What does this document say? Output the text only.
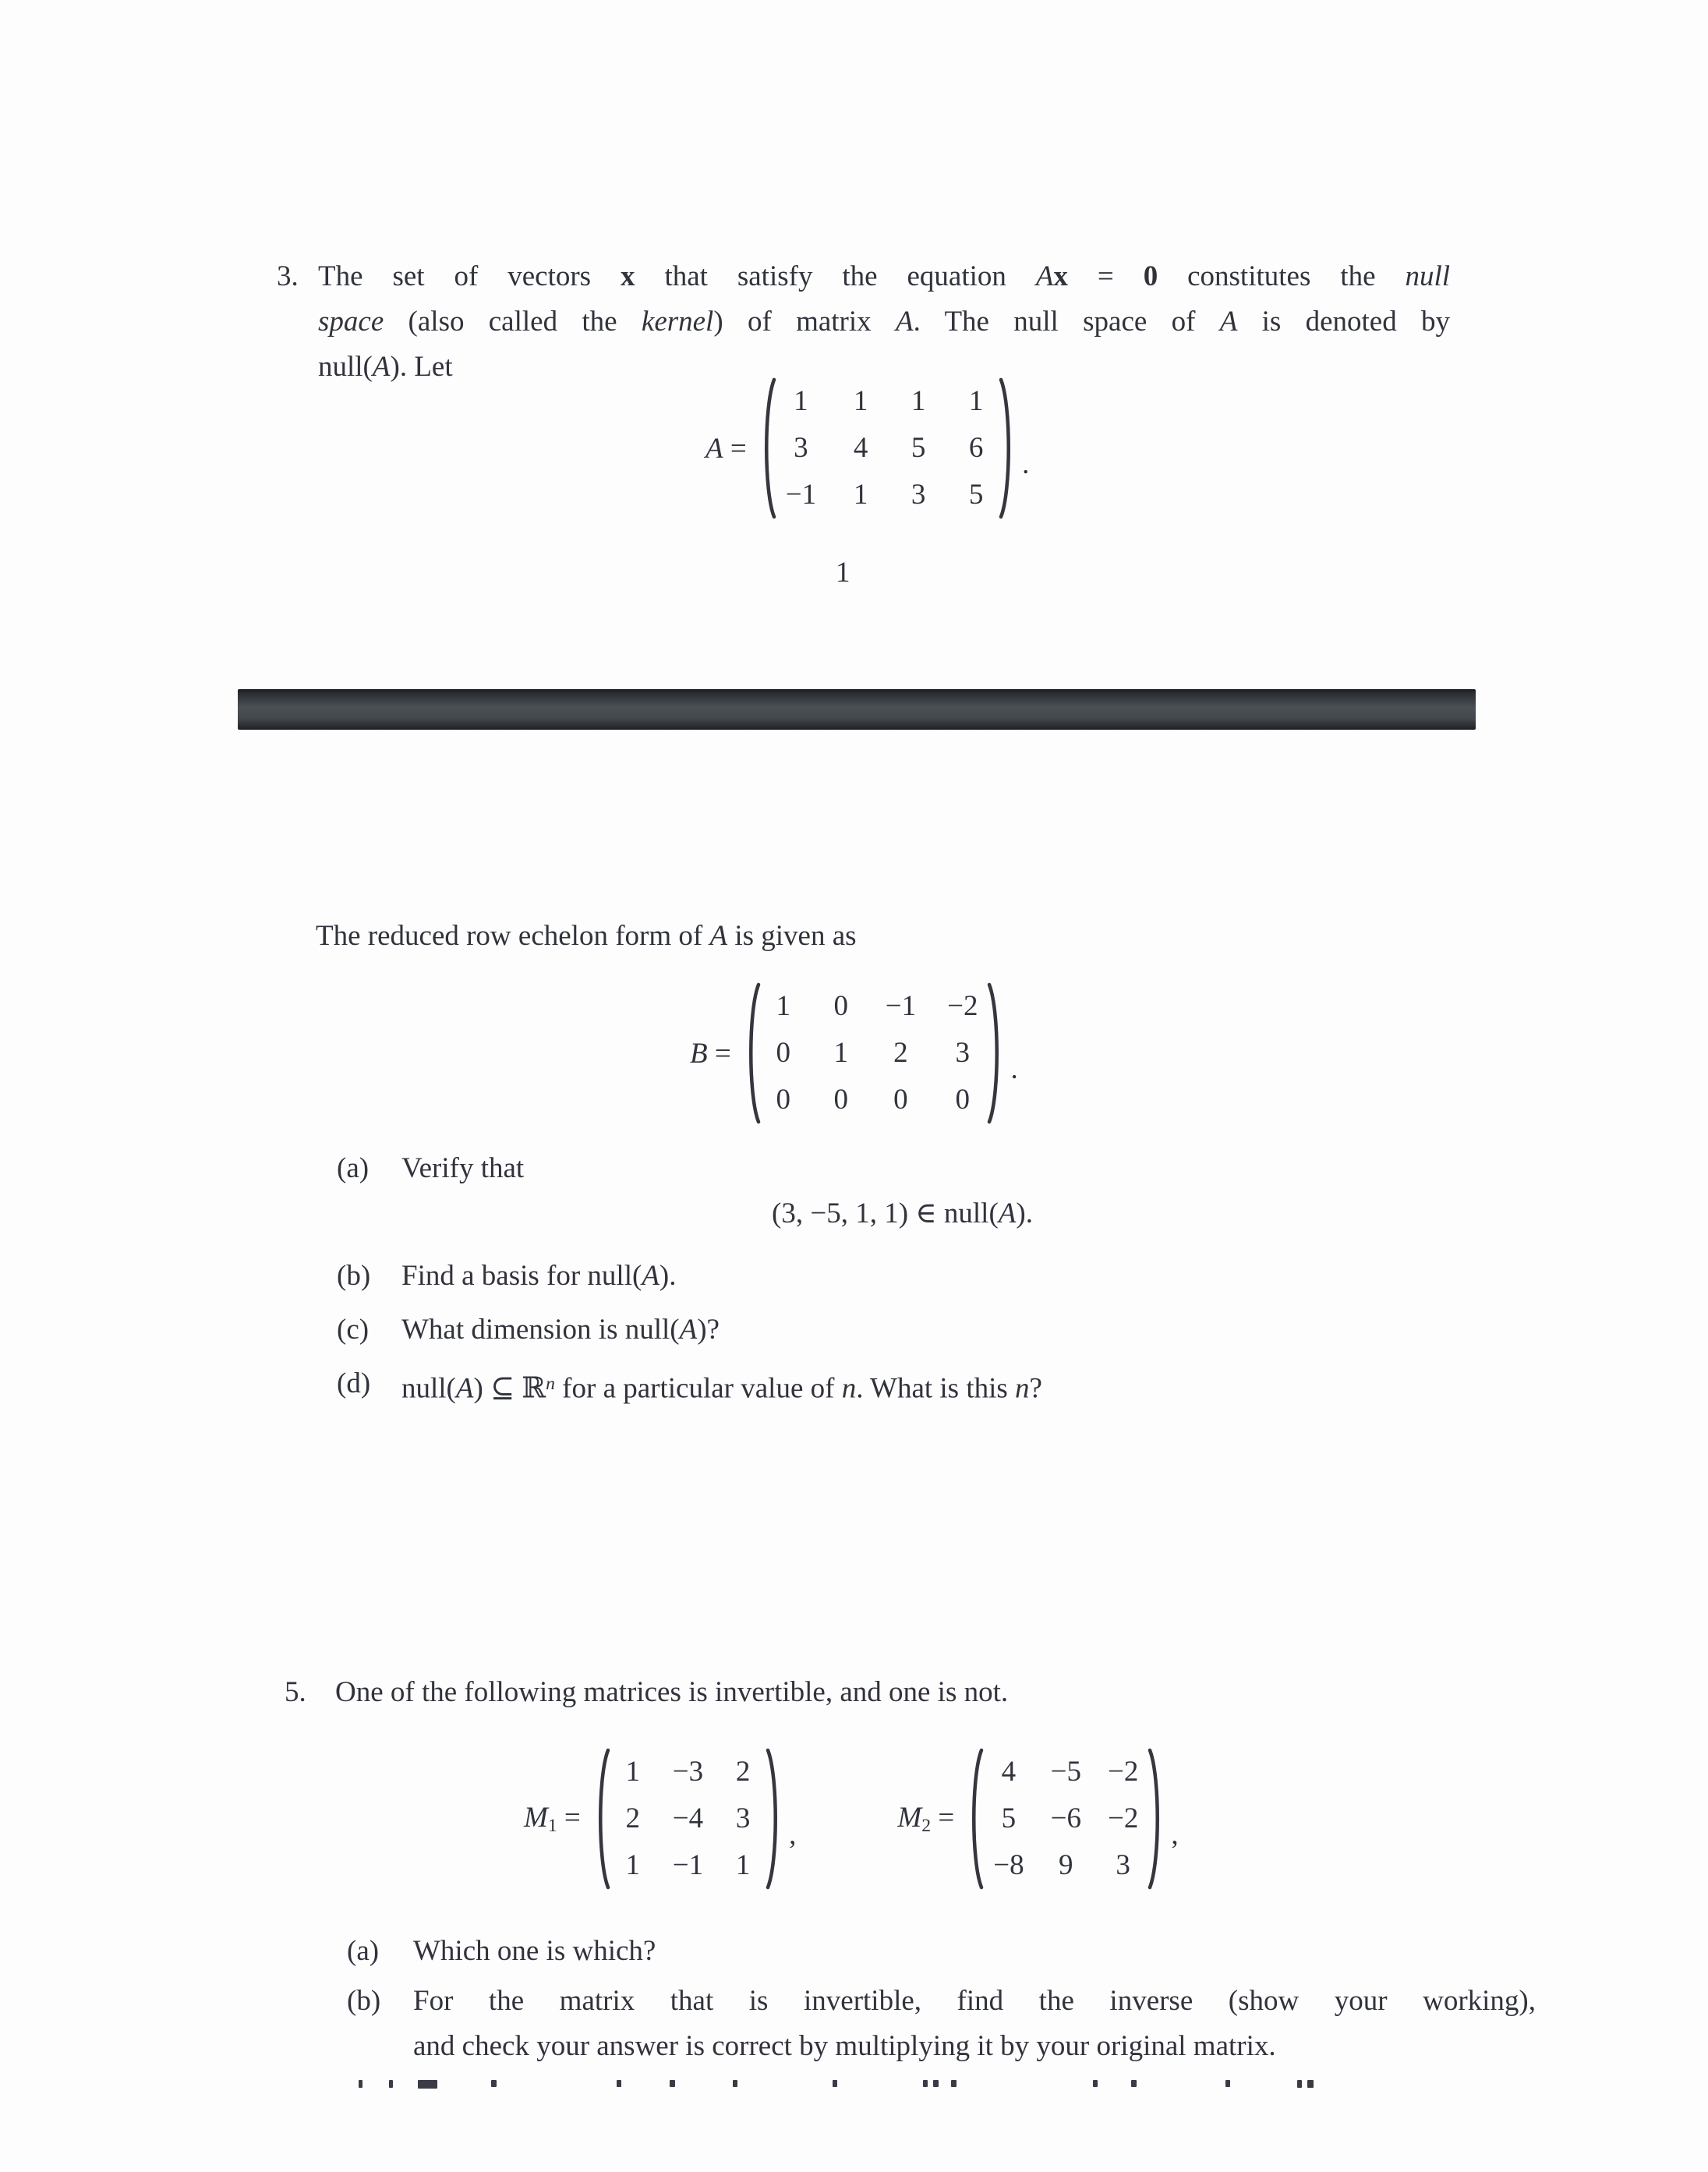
3. The set of vectors x that satisfy the equation Ax = 0 constitutes the null
space (also called the kernel) of matrix A. The null space of A is denoted by
null(A). Let
A =
1 1 1 1
3 4 5 6
−1 1 3 5
.
1
The reduced row echelon form of A is given as
B =
1 0 −1 −2
0 1 2 3
0 0 0 0
.
(a)	Verify that
(3, −5, 1, 1) ∈ null(A).
(b)	Find a basis for null(A).
(c)	What dimension is null(A)?
(d)	null(A) ⊆ ℝ$^n$ for a particular value of n. What is this n?
5.	One of the following matrices is invertible, and one is not.
$M_1$ =
1 −3 2
2 −4 3
1 −1 1
,
$M_2$ =
4 −5 −2
5 −6 −2
−8 9 3
,
(a)	Which one is which?
(b)	For the matrix that is invertible, find the inverse (show your working),
and check your answer is correct by multiplying it by your original matrix.
